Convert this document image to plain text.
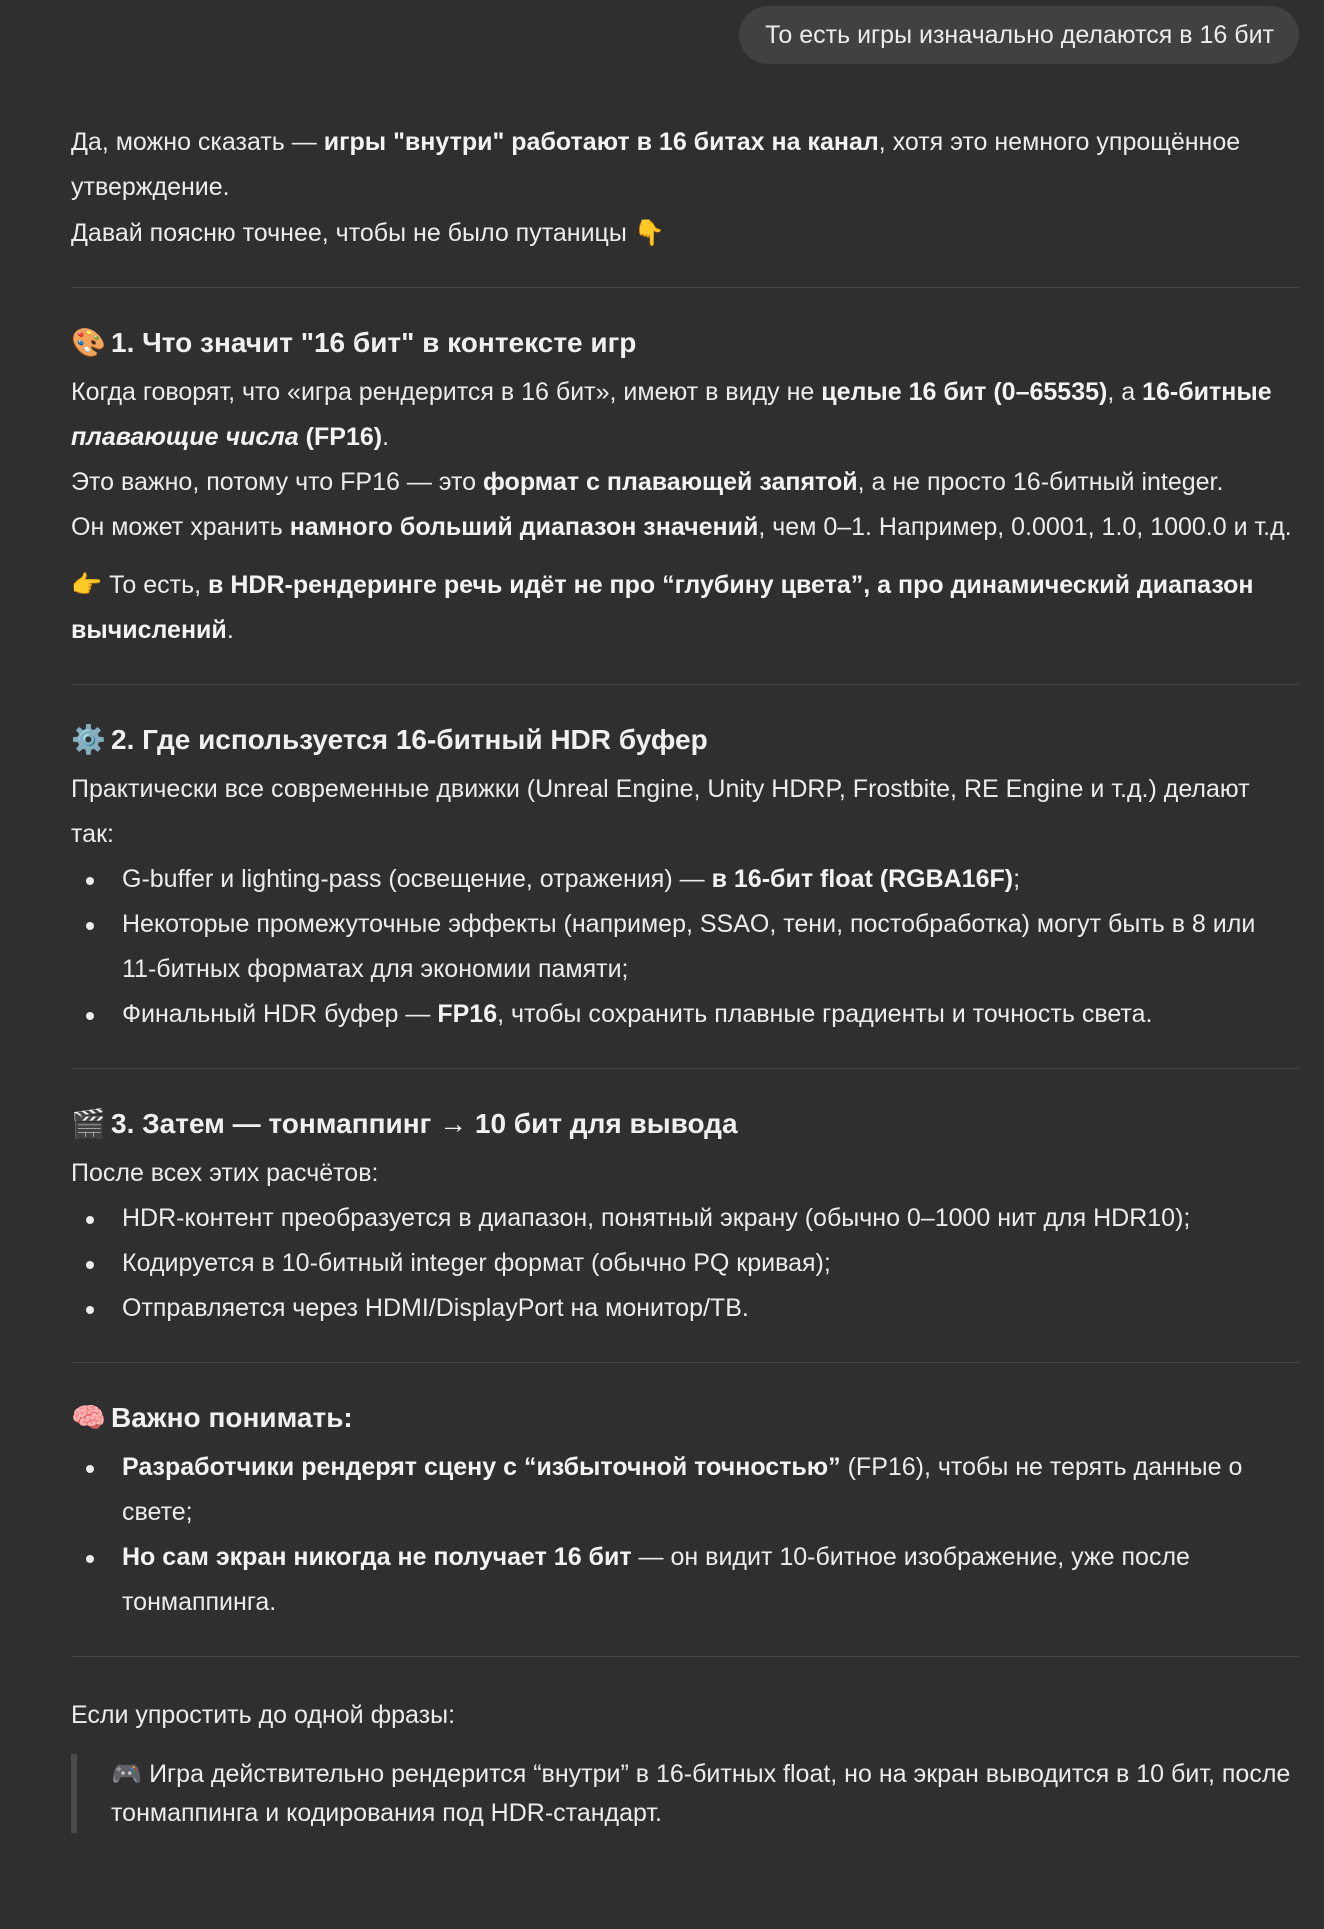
То есть игры изначально делаются в 16 бит

Да, можно сказать — игры "внутри" работают в 16 битах на канал, хотя это немного упрощённое утверждение.
Давай поясню точнее, чтобы не было путаницы 👇

🎨 1. Что значит "16 бит" в контексте игр

Когда говорят, что «игра рендерится в 16 бит», имеют в виду не целые 16 бит (0–65535), а 16-битные плавающие числа (FP16).
Это важно, потому что FP16 — это формат с плавающей запятой, а не просто 16-битный integer.
Он может хранить намного больший диапазон значений, чем 0–1. Например, 0.0001, 1.0, 1000.0 и т.д.

👉 То есть, в HDR-рендеринге речь идёт не про “глубину цвета”, а про динамический диапазон вычислений.

⚙️ 2. Где используется 16-битный HDR буфер

Практически все современные движки (Unreal Engine, Unity HDRP, Frostbite, RE Engine и т.д.) делают так:

G-buffer и lighting-pass (освещение, отражения) — в 16-бит float (RGBA16F);
Некоторые промежуточные эффекты (например, SSAO, тени, постобработка) могут быть в 8 или 11-битных форматах для экономии памяти;
Финальный HDR буфер — FP16, чтобы сохранить плавные градиенты и точность света.
🎬 3. Затем — тонмаппинг → 10 бит для вывода

После всех этих расчётов:

HDR-контент преобразуется в диапазон, понятный экрану (обычно 0–1000 нит для HDR10);
Кодируется в 10-битный integer формат (обычно PQ кривая);
Отправляется через HDMI/DisplayPort на монитор/ТВ.
🧠 Важно понимать:
Разработчики рендерят сцену с “избыточной точностью” (FP16), чтобы не терять данные о свете;
Но сам экран никогда не получает 16 бит — он видит 10-битное изображение, уже после тонмаппинга.

Если упростить до одной фразы:

🎮 Игра действительно рендерится “внутри” в 16-битных float, но на экран выводится в 10 бит, после тонмаппинга и кодирования под HDR-стандарт.
